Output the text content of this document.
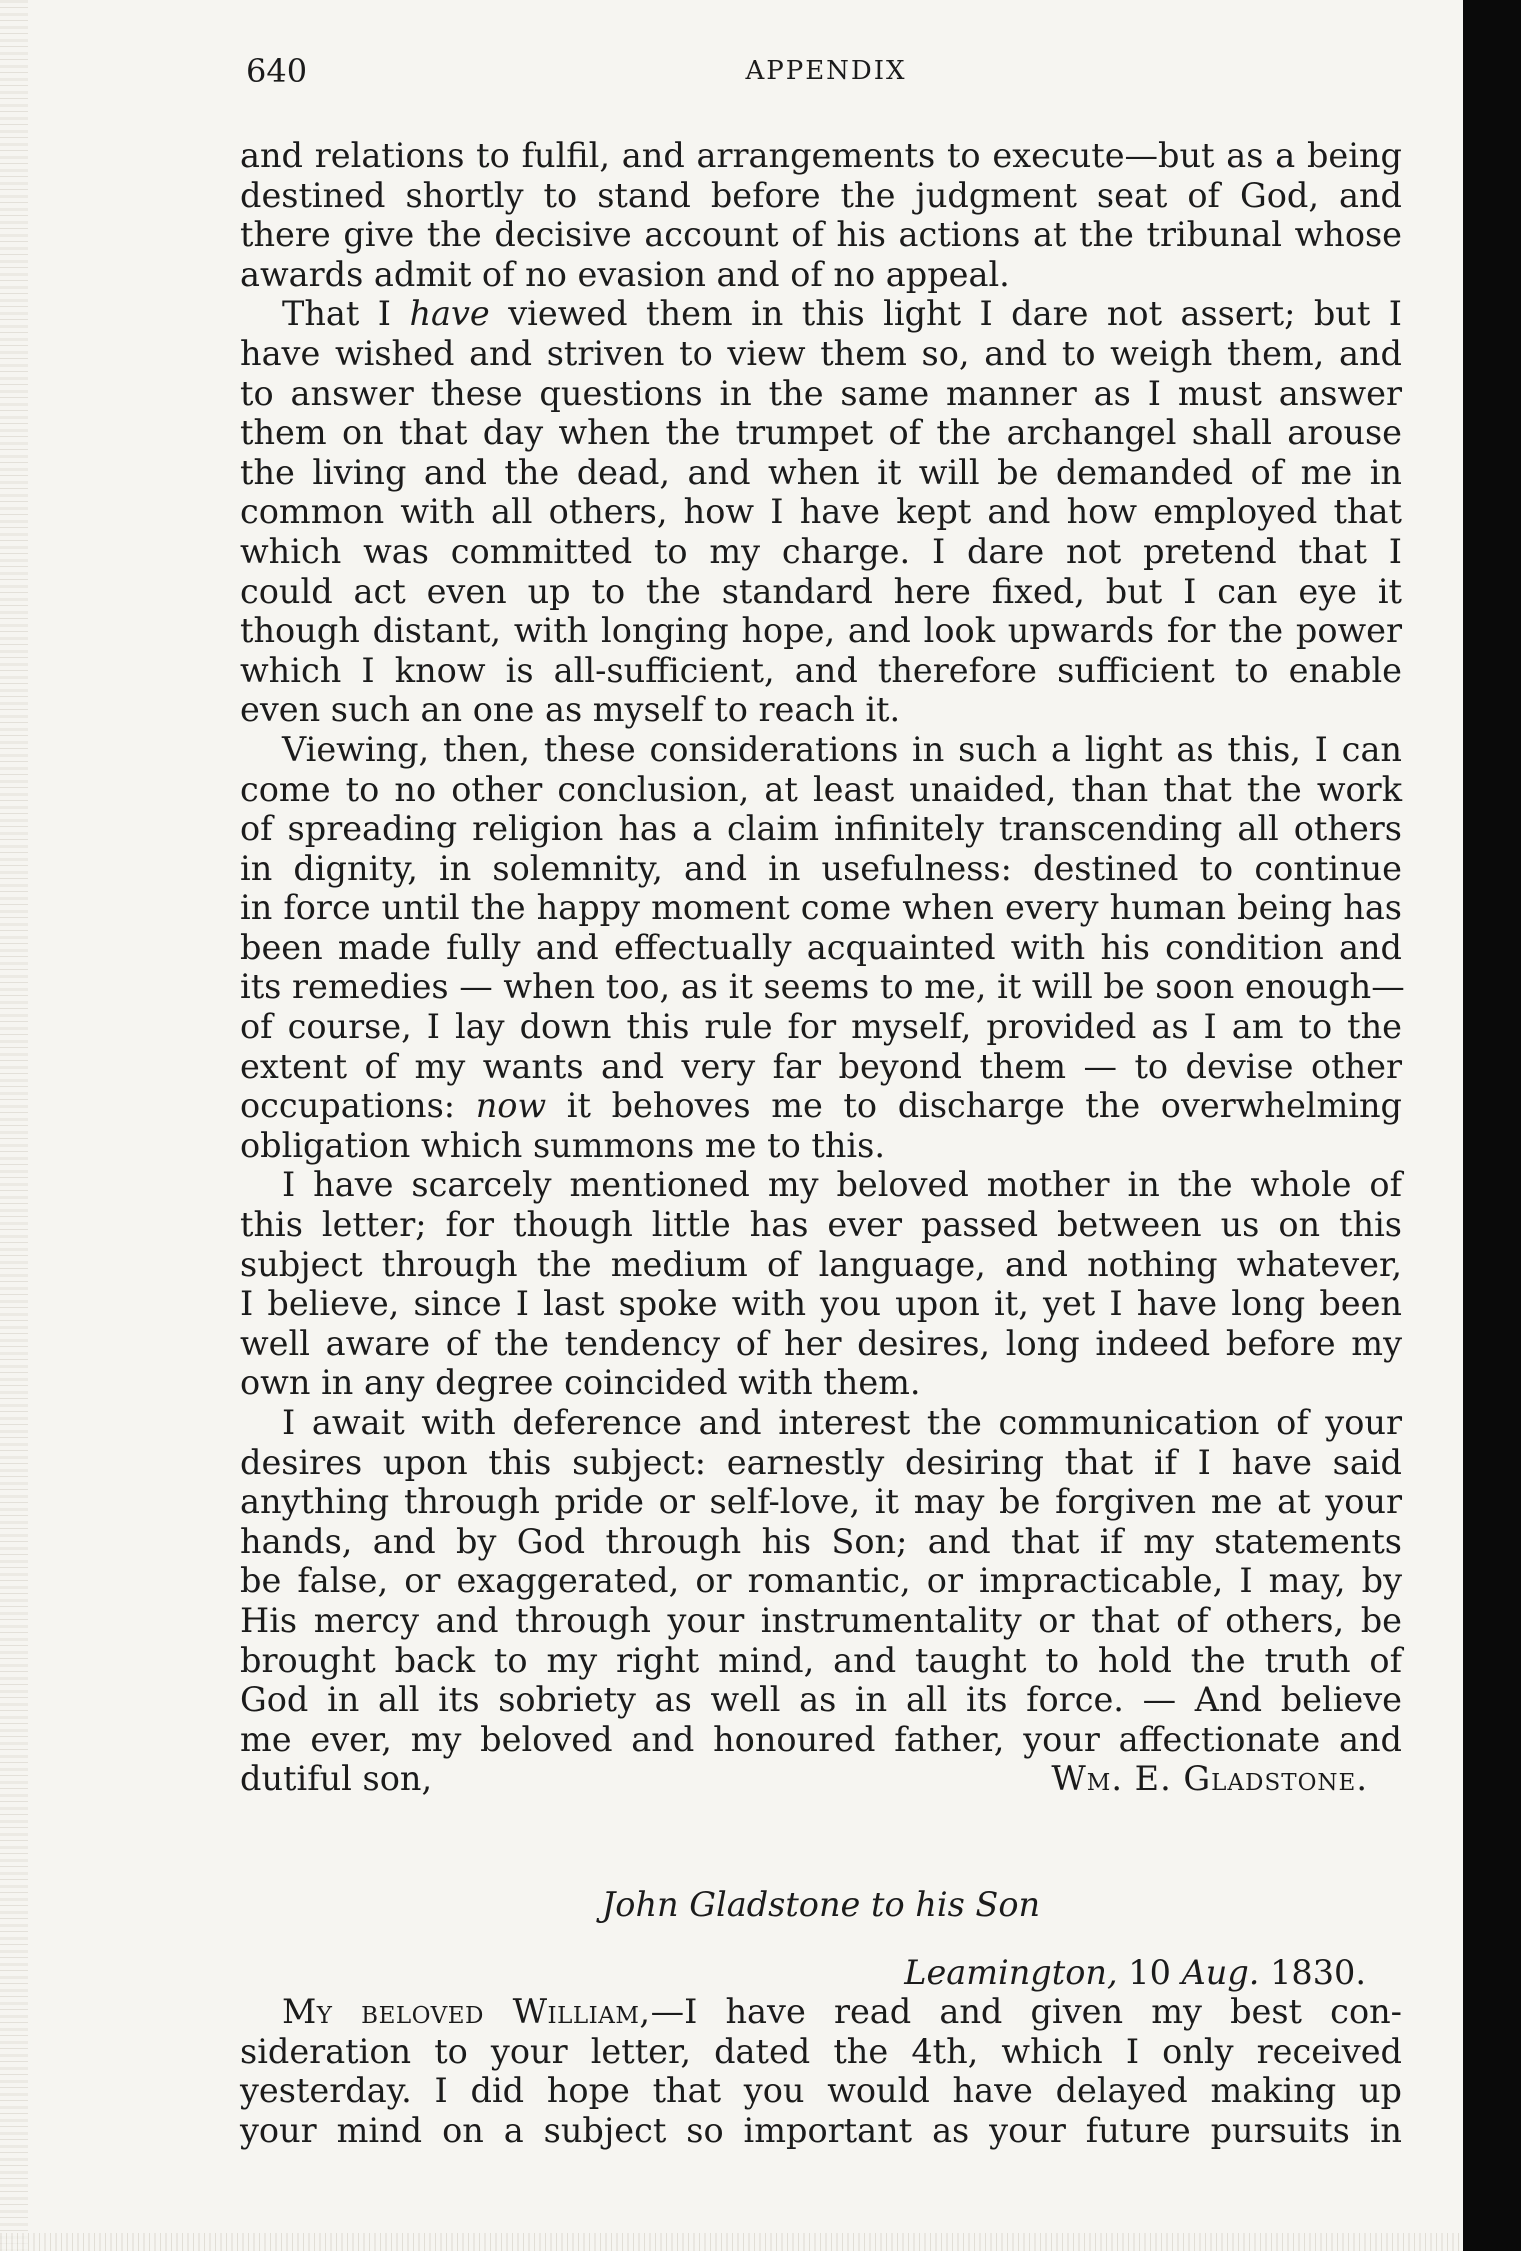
640	APPENDIX
and relations to fulfil, and arrangements to execute—but as a being
destined shortly to stand before the judgment seat of God, and
there give the decisive account of his actions at the tribunal whose
awards admit of no evasion and of no appeal.
That I have viewed them in this light I dare not assert; but I
have wished and striven to view them so, and to weigh them, and
to answer these questions in the same manner as I must answer
them on that day when the trumpet of the archangel shall arouse
the living and the dead, and when it will be demanded of me in
common with all others, how I have kept and how employed that
which was committed to my charge. I dare not pretend that I
could act even up to the standard here fixed, but I can eye it
though distant, with longing hope, and look upwards for the power
which I know is all-sufficient, and therefore sufficient to enable
even such an one as myself to reach it.
Viewing, then, these considerations in such a light as this, I can
come to no other conclusion, at least unaided, than that the work
of spreading religion has a claim infinitely transcending all others
in dignity, in solemnity, and in usefulness: destined to continue
in force until the happy moment come when every human being has
been made fully and effectually acquainted with his condition and
its remedies — when too, as it seems to me, it will be soon enough—
of course, I lay down this rule for myself, provided as I am to the
extent of my wants and very far beyond them — to devise other
occupations: now it behoves me to discharge the overwhelming
obligation which summons me to this.
I have scarcely mentioned my beloved mother in the whole of
this letter; for though little has ever passed between us on this
subject through the medium of language, and nothing whatever,
I believe, since I last spoke with you upon it, yet I have long been
well aware of the tendency of her desires, long indeed before my
own in any degree coincided with them.
I await with deference and interest the communication of your
desires upon this subject: earnestly desiring that if I have said
anything through pride or self-love, it may be forgiven me at your
hands, and by God through his Son; and that if my statements
be false, or exaggerated, or romantic, or impracticable, I may, by
His mercy and through your instrumentality or that of others, be
brought back to my right mind, and taught to hold the truth of
God in all its sobriety as well as in all its force. — And believe
me ever, my beloved and honoured father, your affectionate and
dutiful son,	Wm. E. Gladstone.
John Gladstone to his Son
Leamington, 10 Aug. 1830.
My beloved William,—I have read and given my best con-
sideration to your letter, dated the 4th, which I only received
yesterday. I did hope that you would have delayed making up
your mind on a subject so important as your future pursuits in
